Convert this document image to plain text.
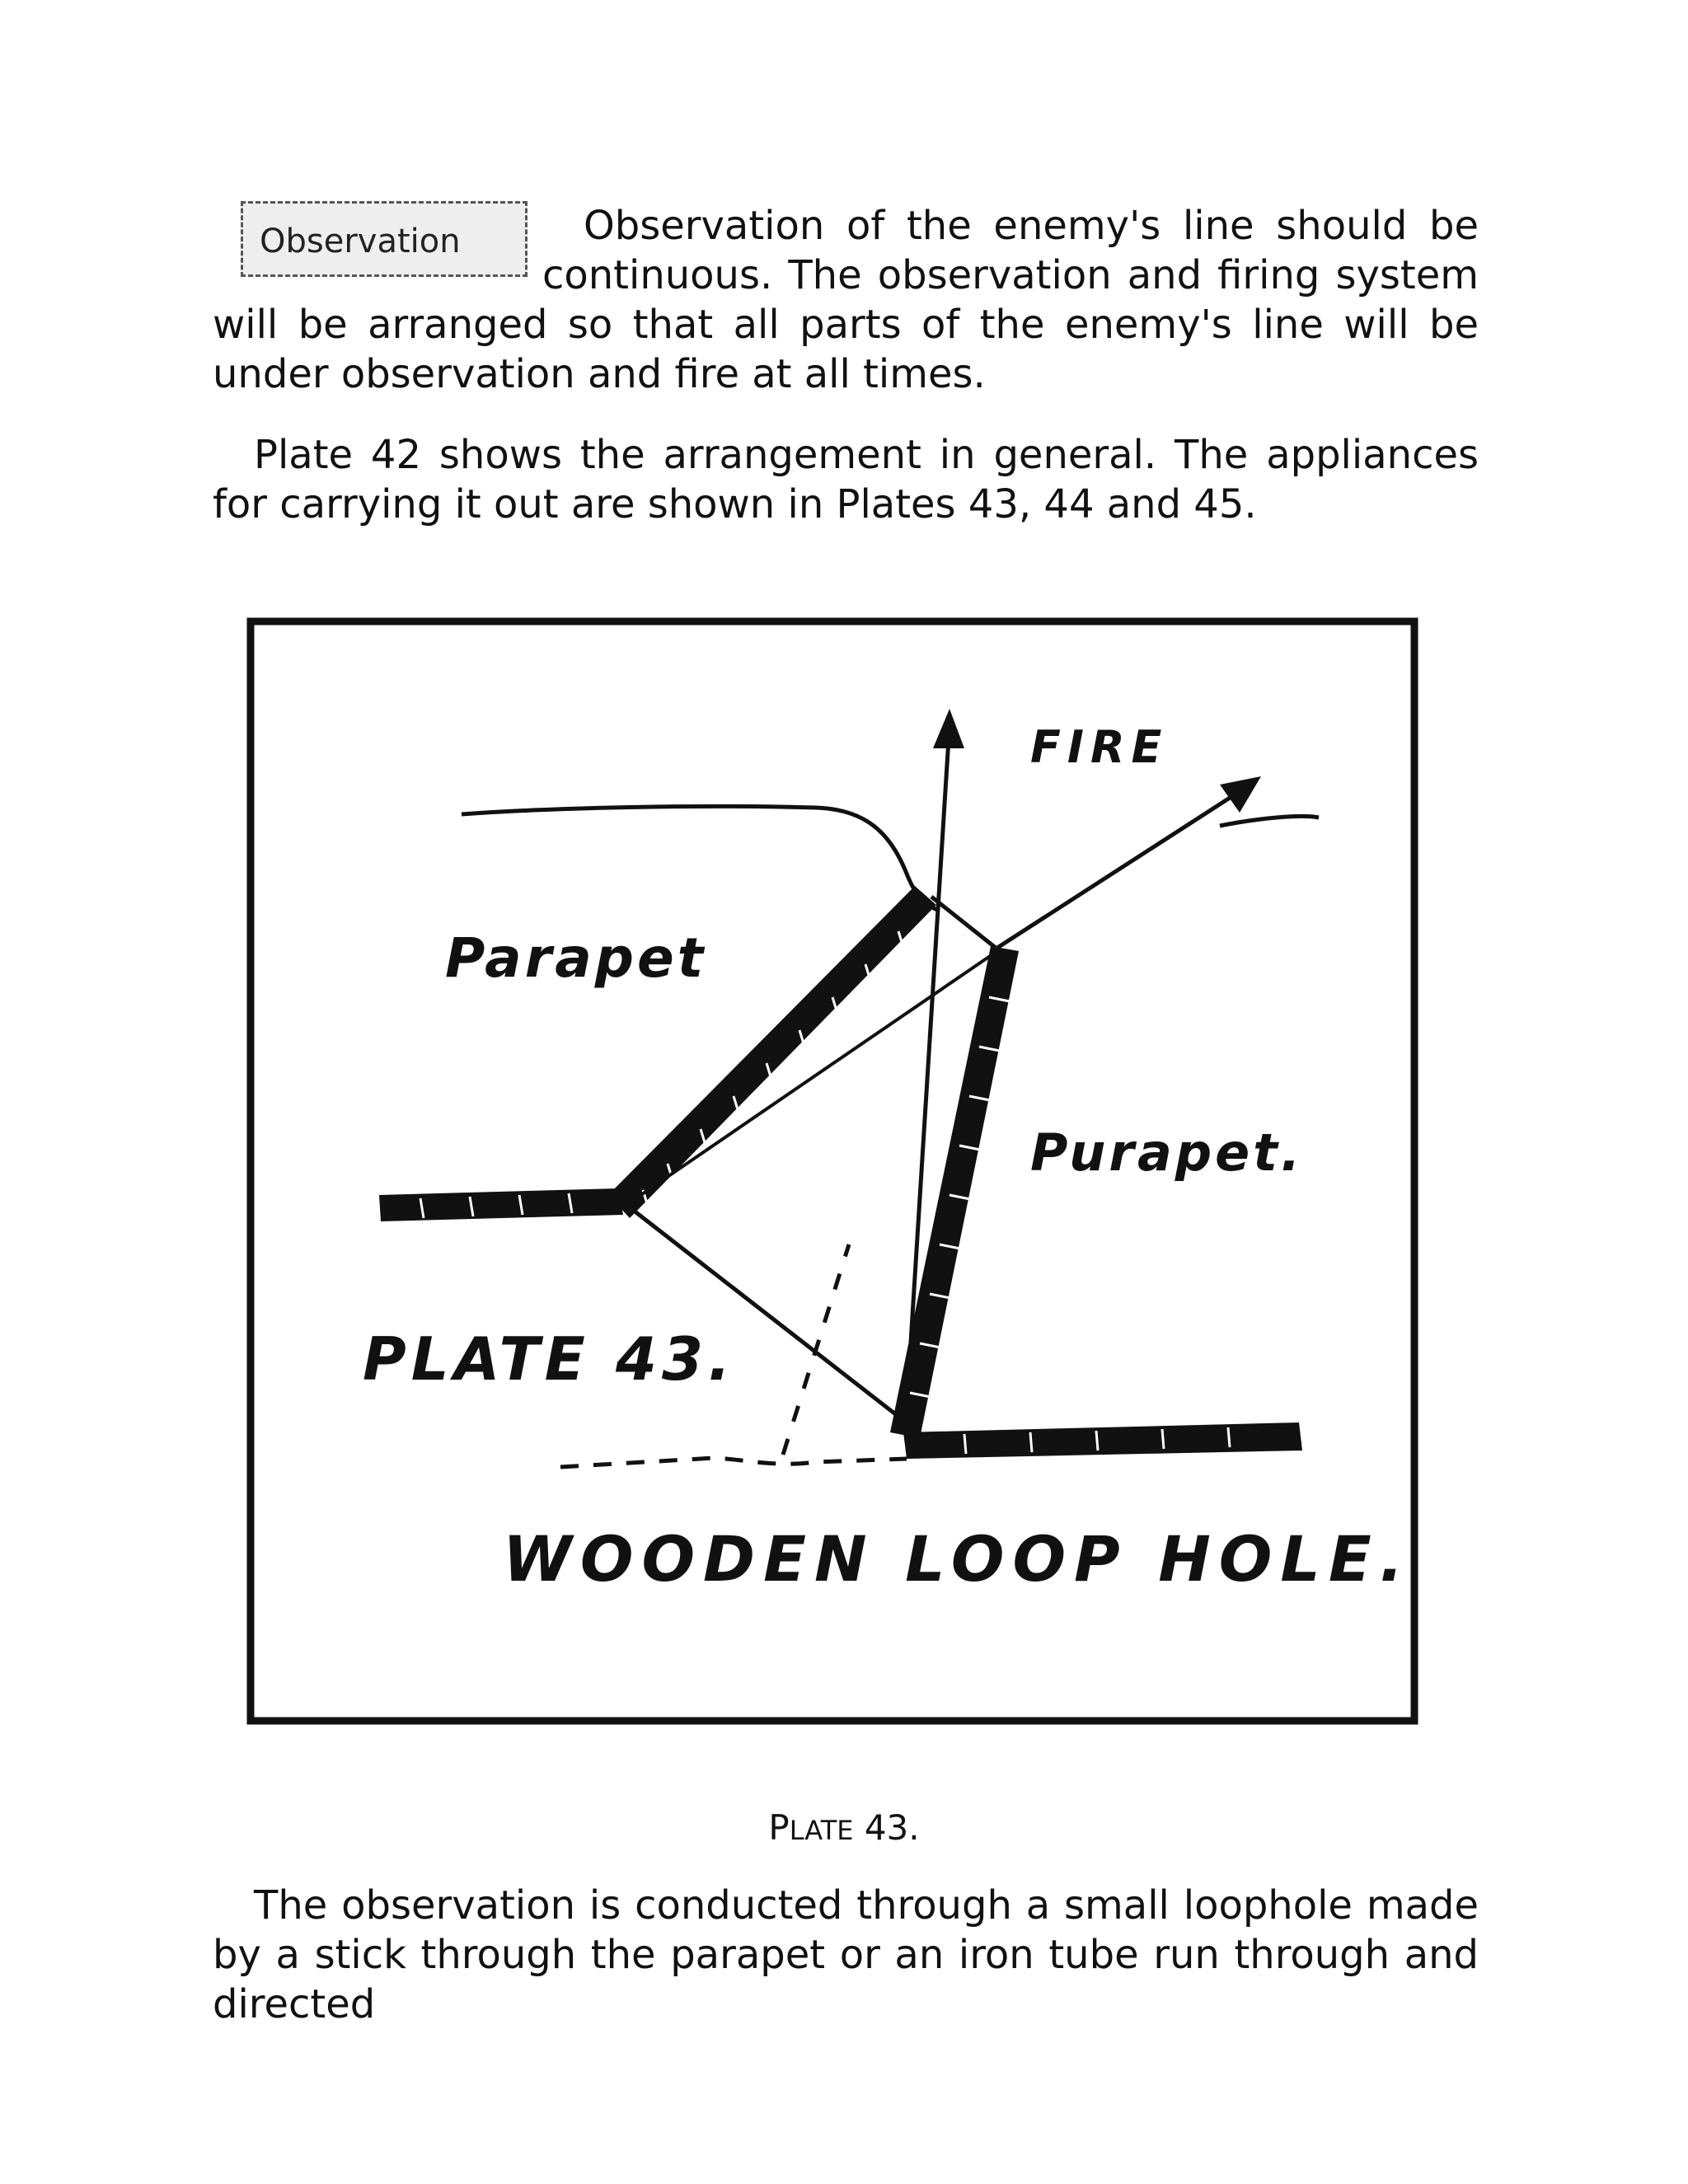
Observation	Observation of the enemy's line should be continuous. The observation and firing system will be arranged so that all parts of the enemy's line will be under observation and fire at all times.

Plate 42 shows the arrangement in general. The appliances for carrying it out are shown in Plates 43, 44 and 45.

FIRE
Parapet
Purapet.
PLATE 43.
WOODEN LOOP HOLE.
PLATE 43.

The observation is conducted through a small loophole made by a stick through the parapet or an iron tube run through and directed
